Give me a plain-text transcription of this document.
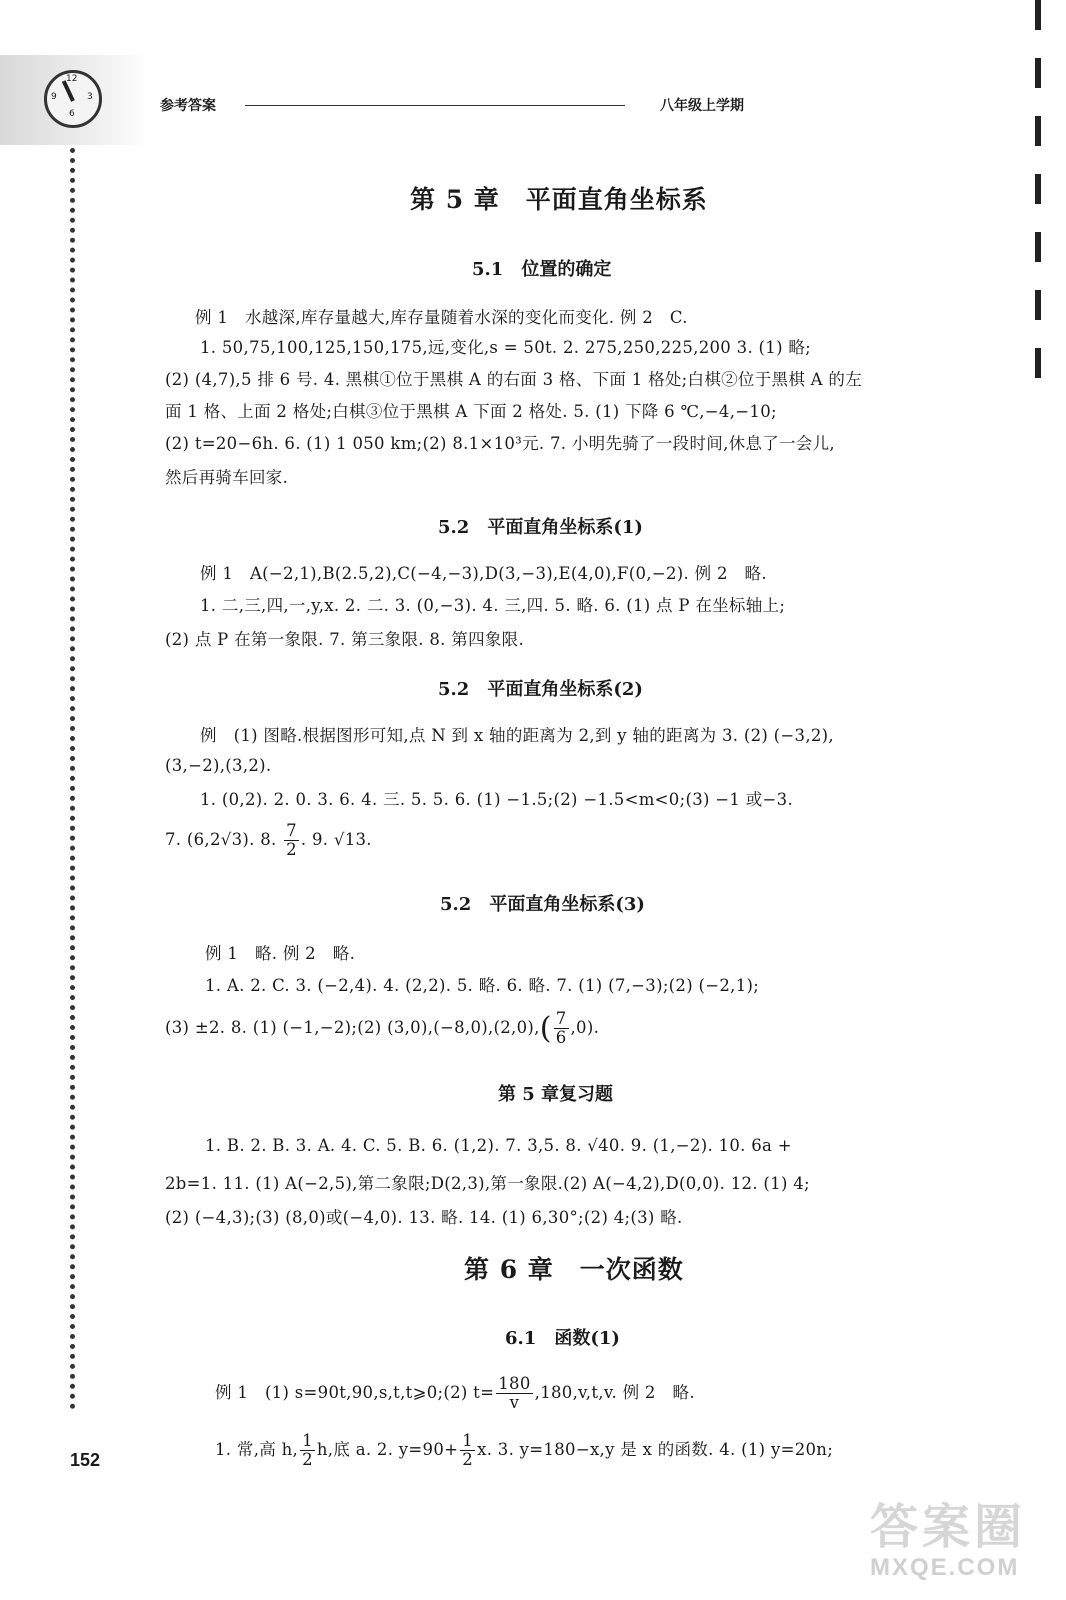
12
3
6
9
参考答案	八年级上学期
第 5 章　平面直角坐标系
5.1　位置的确定
例 1　水越深,库存量越大,库存量随着水深的变化而变化. 例 2　C.
1. 50,75,100,125,150,175,远,变化,s = 50t. 2. 275,250,225,200 3. (1) 略;
(2) (4,7),5 排 6 号. 4. 黑棋①位于黑棋 A 的右面 3 格、下面 1 格处;白棋②位于黑棋 A 的左
面 1 格、上面 2 格处;白棋③位于黑棋 A 下面 2 格处. 5. (1) 下降 6 ℃,−4,−10;
(2) t=20−6h. 6. (1) 1 050 km;(2) 8.1×10³元. 7. 小明先骑了一段时间,休息了一会儿,
然后再骑车回家.
5.2　平面直角坐标系(1)
例 1　A(−2,1),B(2.5,2),C(−4,−3),D(3,−3),E(4,0),F(0,−2). 例 2　略.
1. 二,三,四,一,y,x. 2. 二. 3. (0,−3). 4. 三,四. 5. 略. 6. (1) 点 P 在坐标轴上;
(2) 点 P 在第一象限. 7. 第三象限. 8. 第四象限.
5.2　平面直角坐标系(2)
例　(1) 图略.根据图形可知,点 N 到 x 轴的距离为 2,到 y 轴的距离为 3. (2) (−3,2),
(3,−2),(3,2).
1. (0,2). 2. 0. 3. 6. 4. 三. 5. 5. 6. (1) −1.5;(2) −1.5<m<0;(3) −1 或−3.
7. (6,2√3). 8. $\frac{7}{2}$ . 9. √13.
5.2　平面直角坐标系(3)
例 1　略. 例 2　略.
1. A. 2. C. 3. (−2,4). 4. (2,2). 5. 略. 6. 略. 7. (1) (7,−3);(2) (−2,1);
(3) ±2. 8. (1) (−1,−2);(2) $(3,0),(-8,0),(2,0),( \frac{7}{6} ,0)$.
第 5 章复习题
1. B. 2. B. 3. A. 4. C. 5. B. 6. (1,2). 7. 3,5. 8. √40. 9. (1,−2). 10. 6a +
2b=1. 11. (1) A(−2,5),第二象限;D(2,3),第一象限.(2) A(−4,2),D(0,0). 12. (1) 4;
(2) (−4,3);(3) (8,0)或(−4,0). 13. 略. 14. (1) 6,30°;(2) 4;(3) 略.
第 6 章　一次函数
6.1　函数(1)
例 1　(1) s=90t,90,s,t,t⩾0;(2) $t= \frac{180}{v} ,180,v,t,v$. 例 2　略.
1. 常,高 h, $\frac{1}{2} h$,底 a. 2. $y=90+ \frac{1}{2} x$. 3. y=180−x,y 是 x 的函数. 4. (1) y=20n;
152
答案圈
MXQE.COM
